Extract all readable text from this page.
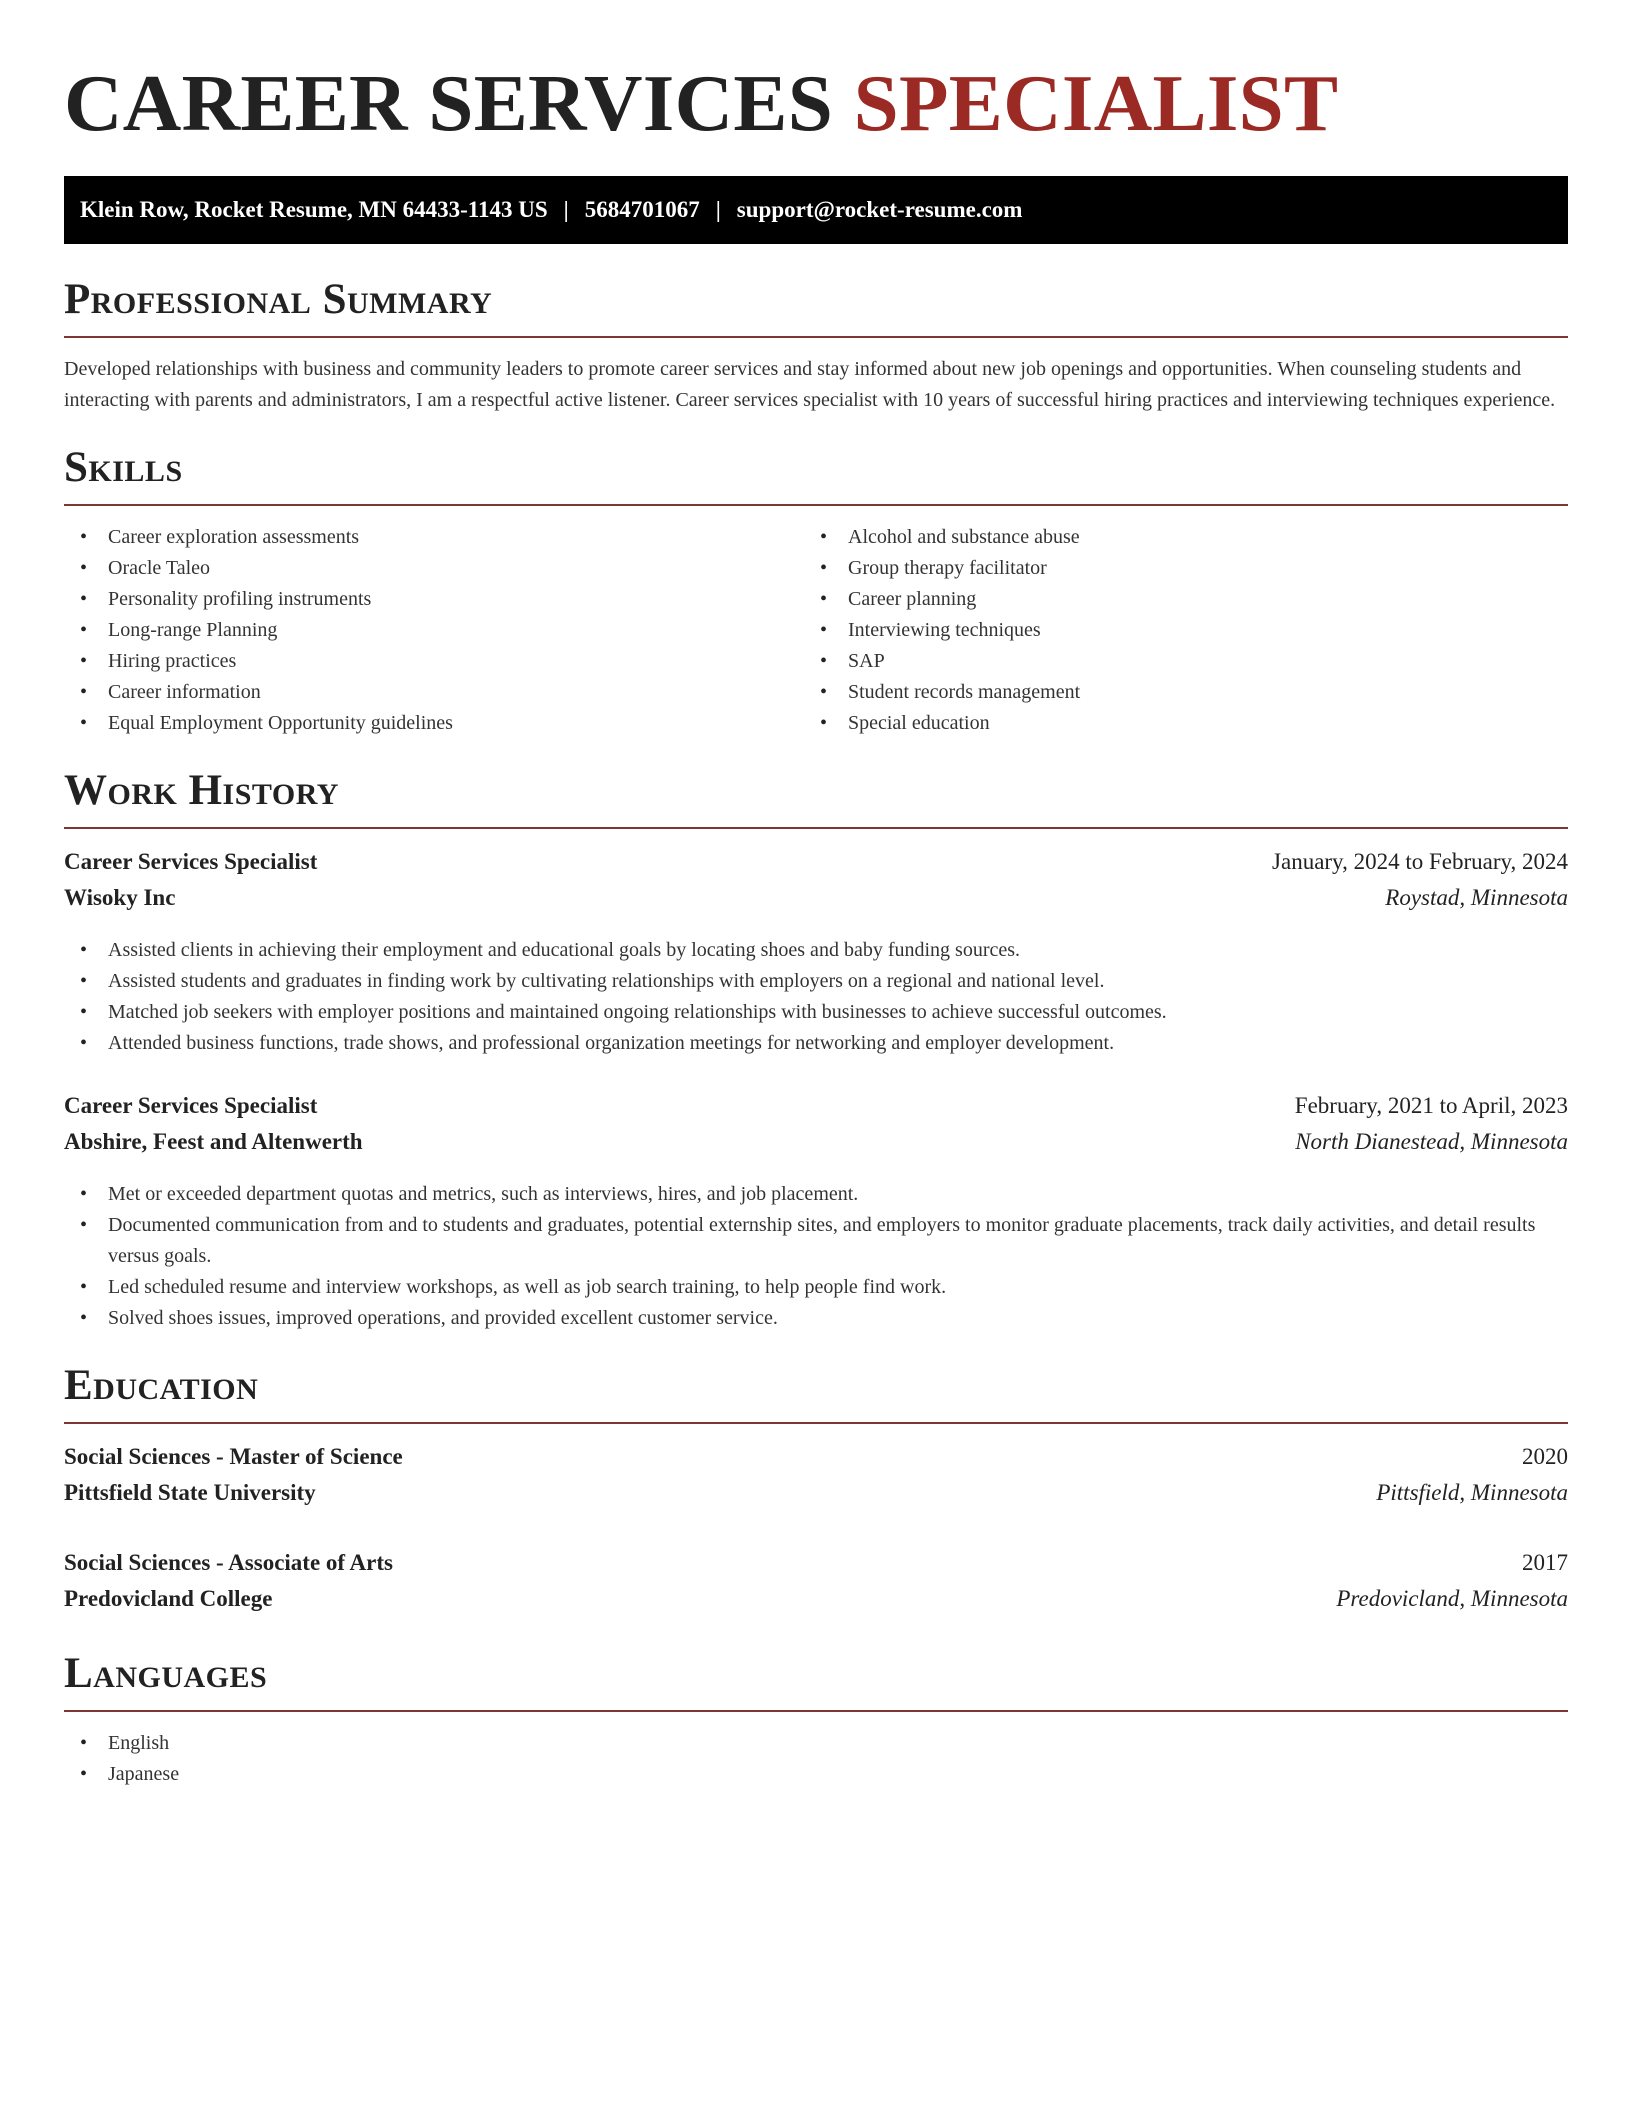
CAREER SERVICES SPECIALIST
Klein Row, Rocket Resume, MN 64433-1143 US | 5684701067 | support@rocket-resume.com
Professional Summary
Developed relationships with business and community leaders to promote career services and stay informed about new job openings and opportunities. When counseling students and interacting with parents and administrators, I am a respectful active listener. Career services specialist with 10 years of successful hiring practices and interviewing techniques experience.
Skills
• Career exploration assessments
• Oracle Taleo
• Personality profiling instruments
• Long-range Planning
• Hiring practices
• Career information
• Equal Employment Opportunity guidelines
• Alcohol and substance abuse
• Group therapy facilitator
• Career planning
• Interviewing techniques
• SAP
• Student records management
• Special education
Work History
Career Services Specialist	January, 2024 to February, 2024
Wisoky Inc	Roystad, Minnesota
• Assisted clients in achieving their employment and educational goals by locating shoes and baby funding sources.
• Assisted students and graduates in finding work by cultivating relationships with employers on a regional and national level.
• Matched job seekers with employer positions and maintained ongoing relationships with businesses to achieve successful outcomes.
• Attended business functions, trade shows, and professional organization meetings for networking and employer development.
Career Services Specialist	February, 2021 to April, 2023
Abshire, Feest and Altenwerth	North Dianestead, Minnesota
• Met or exceeded department quotas and metrics, such as interviews, hires, and job placement.
• Documented communication from and to students and graduates, potential externship sites, and employers to monitor graduate placements, track daily activities, and detail results versus goals.
• Led scheduled resume and interview workshops, as well as job search training, to help people find work.
• Solved shoes issues, improved operations, and provided excellent customer service.
Education
Social Sciences - Master of Science	2020
Pittsfield State University	Pittsfield, Minnesota
Social Sciences - Associate of Arts	2017
Predovicland College	Predovicland, Minnesota
Languages
• English
• Japanese
